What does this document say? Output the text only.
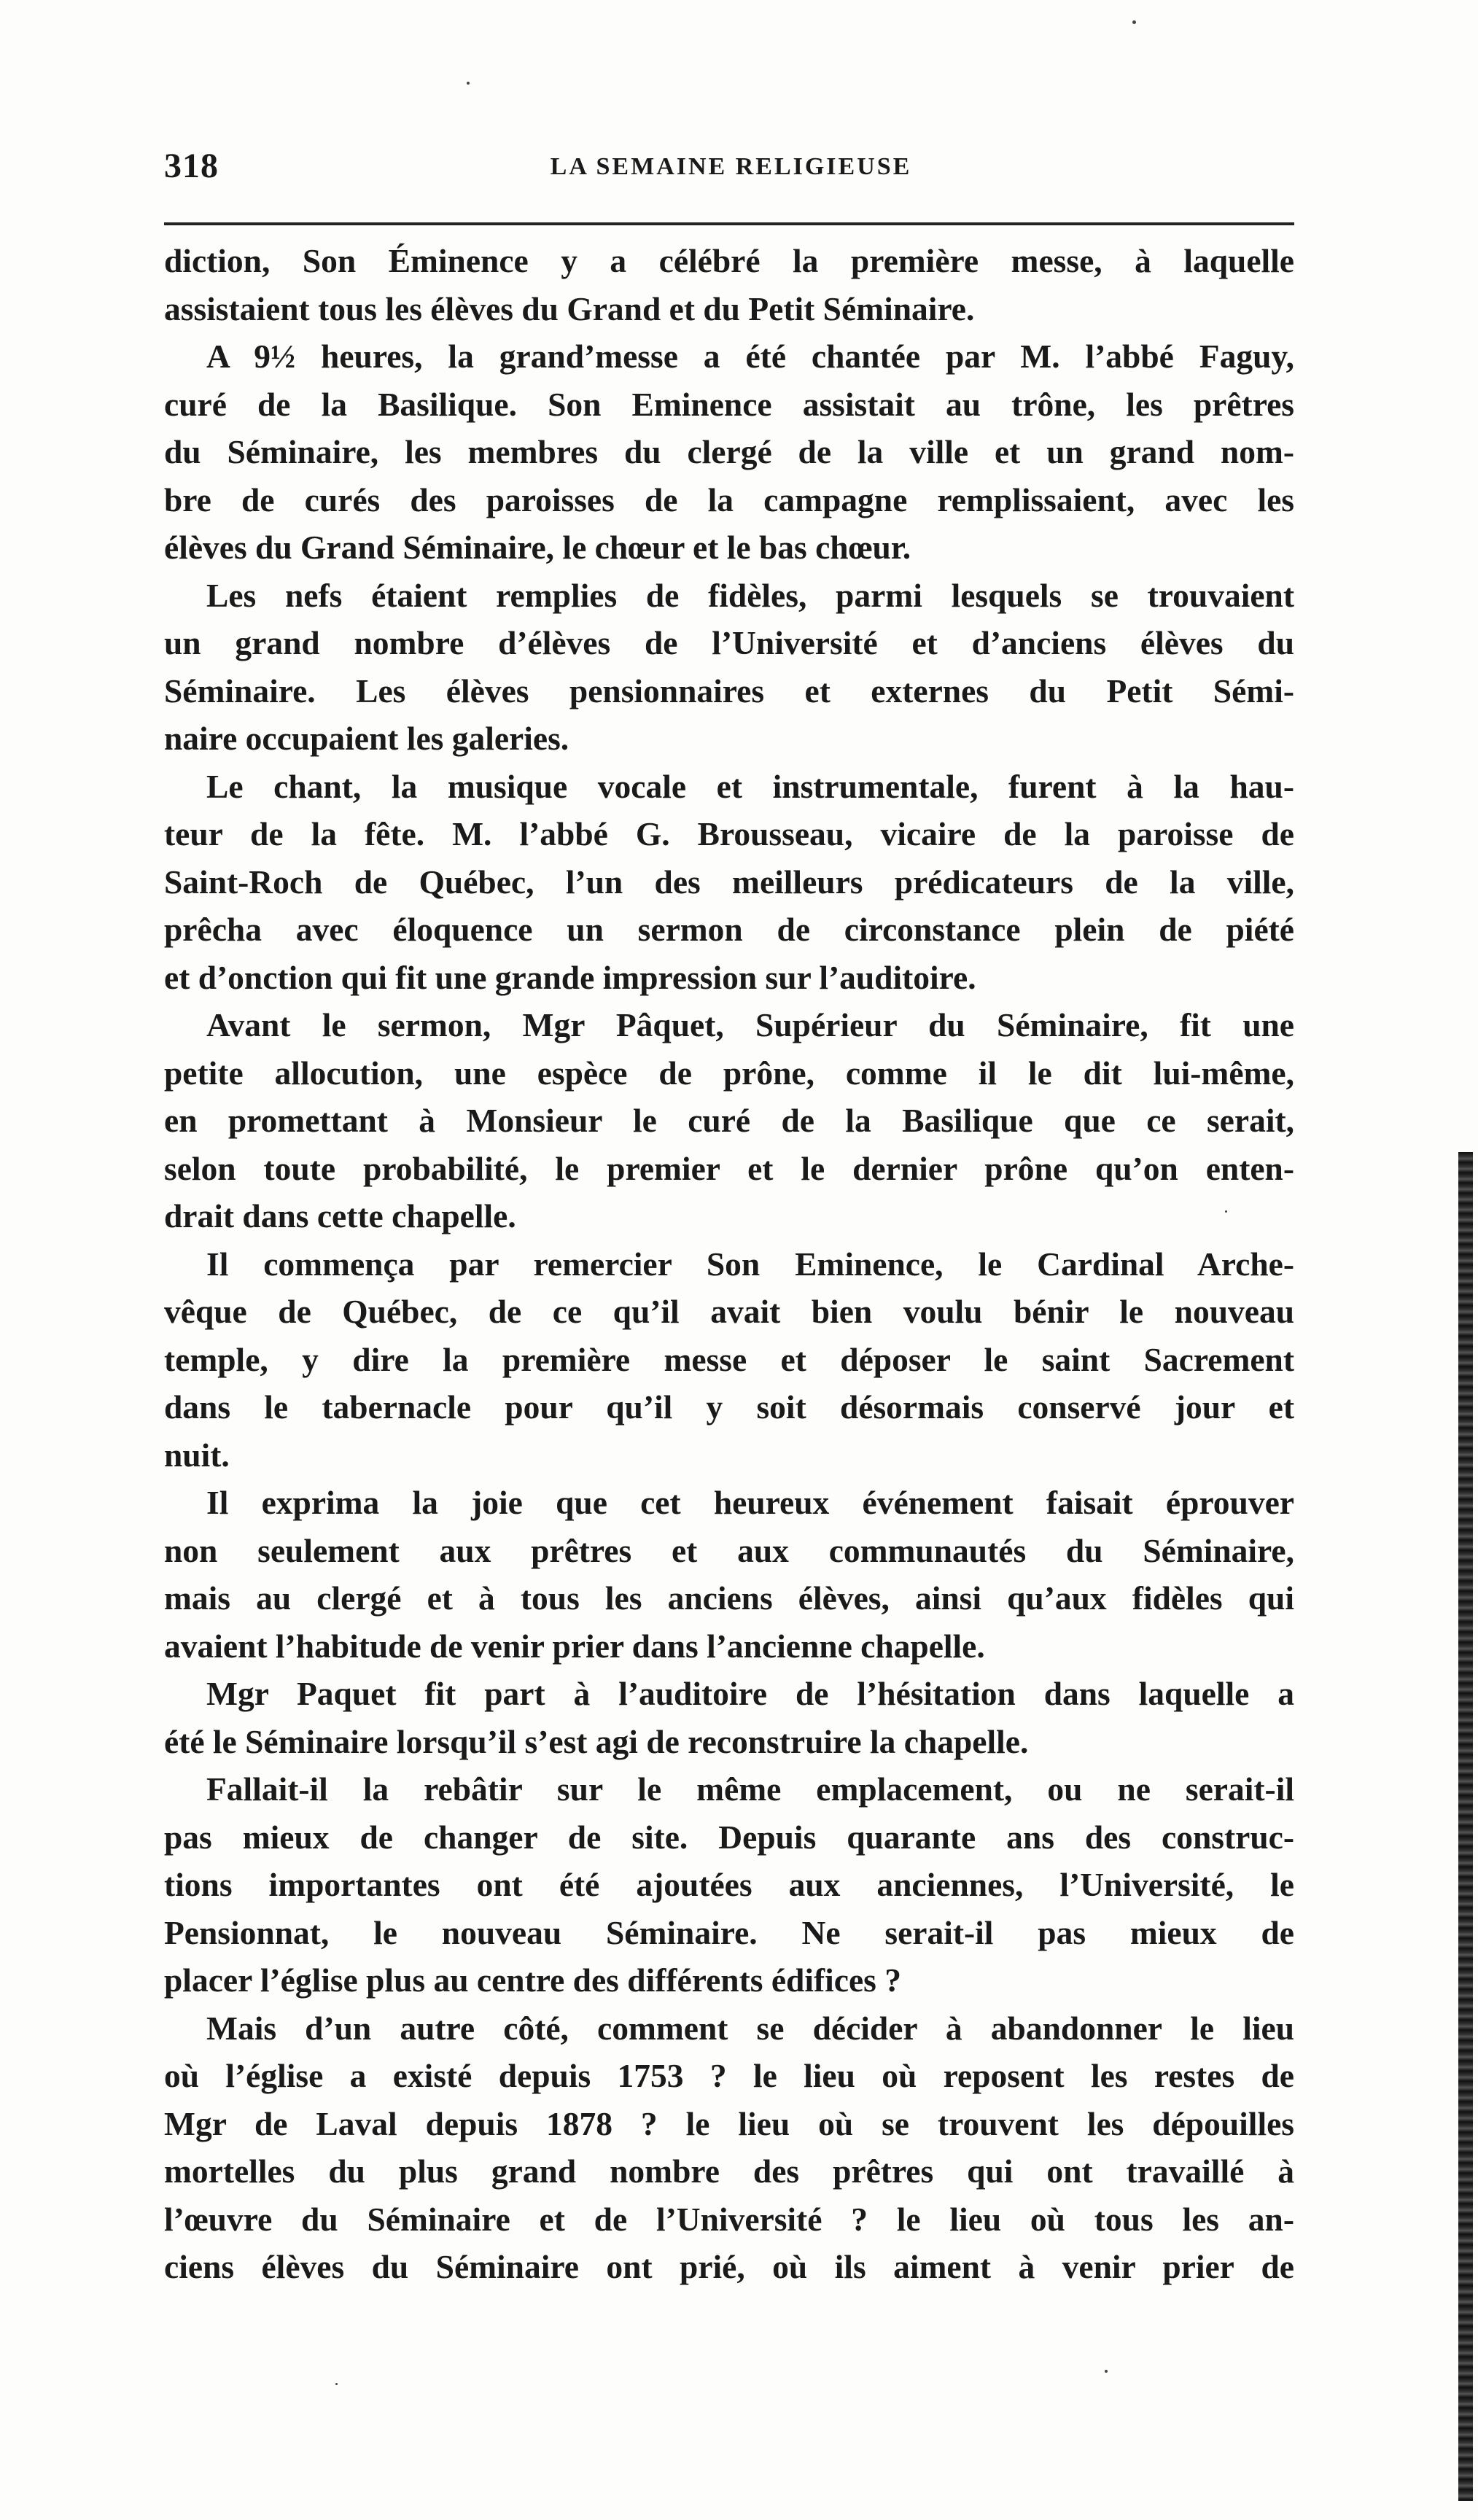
318	LA SEMAINE RELIGIEUSE
diction, Son Éminence y a célébré la première messe, à laquelle
assistaient tous les élèves du Grand et du Petit Séminaire.
A 9½ heures, la grand’messe a été chantée par M. l’abbé Faguy,
curé de la Basilique. Son Eminence assistait au trône, les prêtres
du Séminaire, les membres du clergé de la ville et un grand nom-
bre de curés des paroisses de la campagne remplissaient, avec les
élèves du Grand Séminaire, le chœur et le bas chœur.
Les nefs étaient remplies de fidèles, parmi lesquels se trouvaient
un grand nombre d’élèves de l’Université et d’anciens élèves du
Séminaire. Les élèves pensionnaires et externes du Petit Sémi-
naire occupaient les galeries.
Le chant, la musique vocale et instrumentale, furent à la hau-
teur de la fête. M. l’abbé G. Brousseau, vicaire de la paroisse de
Saint-Roch de Québec, l’un des meilleurs prédicateurs de la ville,
prêcha avec éloquence un sermon de circonstance plein de piété
et d’onction qui fit une grande impression sur l’auditoire.
Avant le sermon, Mgr Pâquet, Supérieur du Séminaire, fit une
petite allocution, une espèce de prône, comme il le dit lui-même,
en promettant à Monsieur le curé de la Basilique que ce serait,
selon toute probabilité, le premier et le dernier prône qu’on enten-
drait dans cette chapelle.
Il commença par remercier Son Eminence, le Cardinal Arche-
vêque de Québec, de ce qu’il avait bien voulu bénir le nouveau
temple, y dire la première messe et déposer le saint Sacrement
dans le tabernacle pour qu’il y soit désormais conservé jour et
nuit.
Il exprima la joie que cet heureux événement faisait éprouver
non seulement aux prêtres et aux communautés du Séminaire,
mais au clergé et à tous les anciens élèves, ainsi qu’aux fidèles qui
avaient l’habitude de venir prier dans l’ancienne chapelle.
Mgr Paquet fit part à l’auditoire de l’hésitation dans laquelle a
été le Séminaire lorsqu’il s’est agi de reconstruire la chapelle.
Fallait-il la rebâtir sur le même emplacement, ou ne serait-il
pas mieux de changer de site. Depuis quarante ans des construc-
tions importantes ont été ajoutées aux anciennes, l’Université, le
Pensionnat, le nouveau Séminaire. Ne serait-il pas mieux de
placer l’église plus au centre des différents édifices ?
Mais d’un autre côté, comment se décider à abandonner le lieu
où l’église a existé depuis 1753 ? le lieu où reposent les restes de
Mgr de Laval depuis 1878 ? le lieu où se trouvent les dépouilles
mortelles du plus grand nombre des prêtres qui ont travaillé à
l’œuvre du Séminaire et de l’Université ? le lieu où tous les an-
ciens élèves du Séminaire ont prié, où ils aiment à venir prier de
